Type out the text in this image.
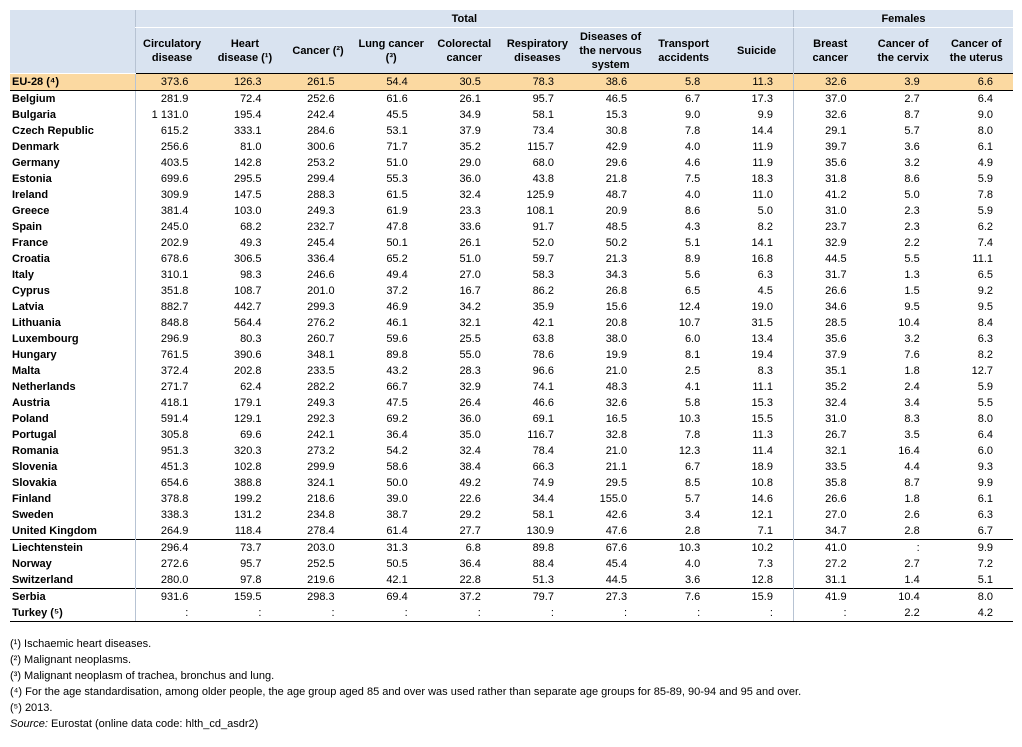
	Total									Females		
	Circulatory disease	Heart disease (¹)	Cancer (²)	Lung cancer (³)	Colorectal cancer	Respiratory diseases	Diseases of the nervous system	Transport accidents	Suicide	Breast cancer	Cancer of the cervix	Cancer of the uterus
EU-28 (⁴)	373.6	126.3	261.5	54.4	30.5	78.3	38.6	5.8	11.3	32.6	3.9	6.6
Belgium	281.9	72.4	252.6	61.6	26.1	95.7	46.5	6.7	17.3	37.0	2.7	6.4
Bulgaria	1 131.0	195.4	242.4	45.5	34.9	58.1	15.3	9.0	9.9	32.6	8.7	9.0
Czech Republic	615.2	333.1	284.6	53.1	37.9	73.4	30.8	7.8	14.4	29.1	5.7	8.0
Denmark	256.6	81.0	300.6	71.7	35.2	115.7	42.9	4.0	11.9	39.7	3.6	6.1
Germany	403.5	142.8	253.2	51.0	29.0	68.0	29.6	4.6	11.9	35.6	3.2	4.9
Estonia	699.6	295.5	299.4	55.3	36.0	43.8	21.8	7.5	18.3	31.8	8.6	5.9
Ireland	309.9	147.5	288.3	61.5	32.4	125.9	48.7	4.0	11.0	41.2	5.0	7.8
Greece	381.4	103.0	249.3	61.9	23.3	108.1	20.9	8.6	5.0	31.0	2.3	5.9
Spain	245.0	68.2	232.7	47.8	33.6	91.7	48.5	4.3	8.2	23.7	2.3	6.2
France	202.9	49.3	245.4	50.1	26.1	52.0	50.2	5.1	14.1	32.9	2.2	7.4
Croatia	678.6	306.5	336.4	65.2	51.0	59.7	21.3	8.9	16.8	44.5	5.5	11.1
Italy	310.1	98.3	246.6	49.4	27.0	58.3	34.3	5.6	6.3	31.7	1.3	6.5
Cyprus	351.8	108.7	201.0	37.2	16.7	86.2	26.8	6.5	4.5	26.6	1.5	9.2
Latvia	882.7	442.7	299.3	46.9	34.2	35.9	15.6	12.4	19.0	34.6	9.5	9.5
Lithuania	848.8	564.4	276.2	46.1	32.1	42.1	20.8	10.7	31.5	28.5	10.4	8.4
Luxembourg	296.9	80.3	260.7	59.6	25.5	63.8	38.0	6.0	13.4	35.6	3.2	6.3
Hungary	761.5	390.6	348.1	89.8	55.0	78.6	19.9	8.1	19.4	37.9	7.6	8.2
Malta	372.4	202.8	233.5	43.2	28.3	96.6	21.0	2.5	8.3	35.1	1.8	12.7
Netherlands	271.7	62.4	282.2	66.7	32.9	74.1	48.3	4.1	11.1	35.2	2.4	5.9
Austria	418.1	179.1	249.3	47.5	26.4	46.6	32.6	5.8	15.3	32.4	3.4	5.5
Poland	591.4	129.1	292.3	69.2	36.0	69.1	16.5	10.3	15.5	31.0	8.3	8.0
Portugal	305.8	69.6	242.1	36.4	35.0	116.7	32.8	7.8	11.3	26.7	3.5	6.4
Romania	951.3	320.3	273.2	54.2	32.4	78.4	21.0	12.3	11.4	32.1	16.4	6.0
Slovenia	451.3	102.8	299.9	58.6	38.4	66.3	21.1	6.7	18.9	33.5	4.4	9.3
Slovakia	654.6	388.8	324.1	50.0	49.2	74.9	29.5	8.5	10.8	35.8	8.7	9.9
Finland	378.8	199.2	218.6	39.0	22.6	34.4	155.0	5.7	14.6	26.6	1.8	6.1
Sweden	338.3	131.2	234.8	38.7	29.2	58.1	42.6	3.4	12.1	27.0	2.6	6.3
United Kingdom	264.9	118.4	278.4	61.4	27.7	130.9	47.6	2.8	7.1	34.7	2.8	6.7
Liechtenstein	296.4	73.7	203.0	31.3	6.8	89.8	67.6	10.3	10.2	41.0	:	9.9
Norway	272.6	95.7	252.5	50.5	36.4	88.4	45.4	4.0	7.3	27.2	2.7	7.2
Switzerland	280.0	97.8	219.6	42.1	22.8	51.3	44.5	3.6	12.8	31.1	1.4	5.1
Serbia	931.6	159.5	298.3	69.4	37.2	79.7	27.3	7.6	15.9	41.9	10.4	8.0
Turkey (⁵)	:	:	:	:	:	:	:	:	:	:	2.2	4.2
(¹) Ischaemic heart diseases.
(²) Malignant neoplasms.
(³) Malignant neoplasm of trachea, bronchus and lung.
(⁴) For the age standardisation, among older people, the age group aged 85 and over was used rather than separate age groups for 85-89, 90-94 and 95 and over.
(⁵) 2013.
Source: Eurostat (online data code: hlth_cd_asdr2)
